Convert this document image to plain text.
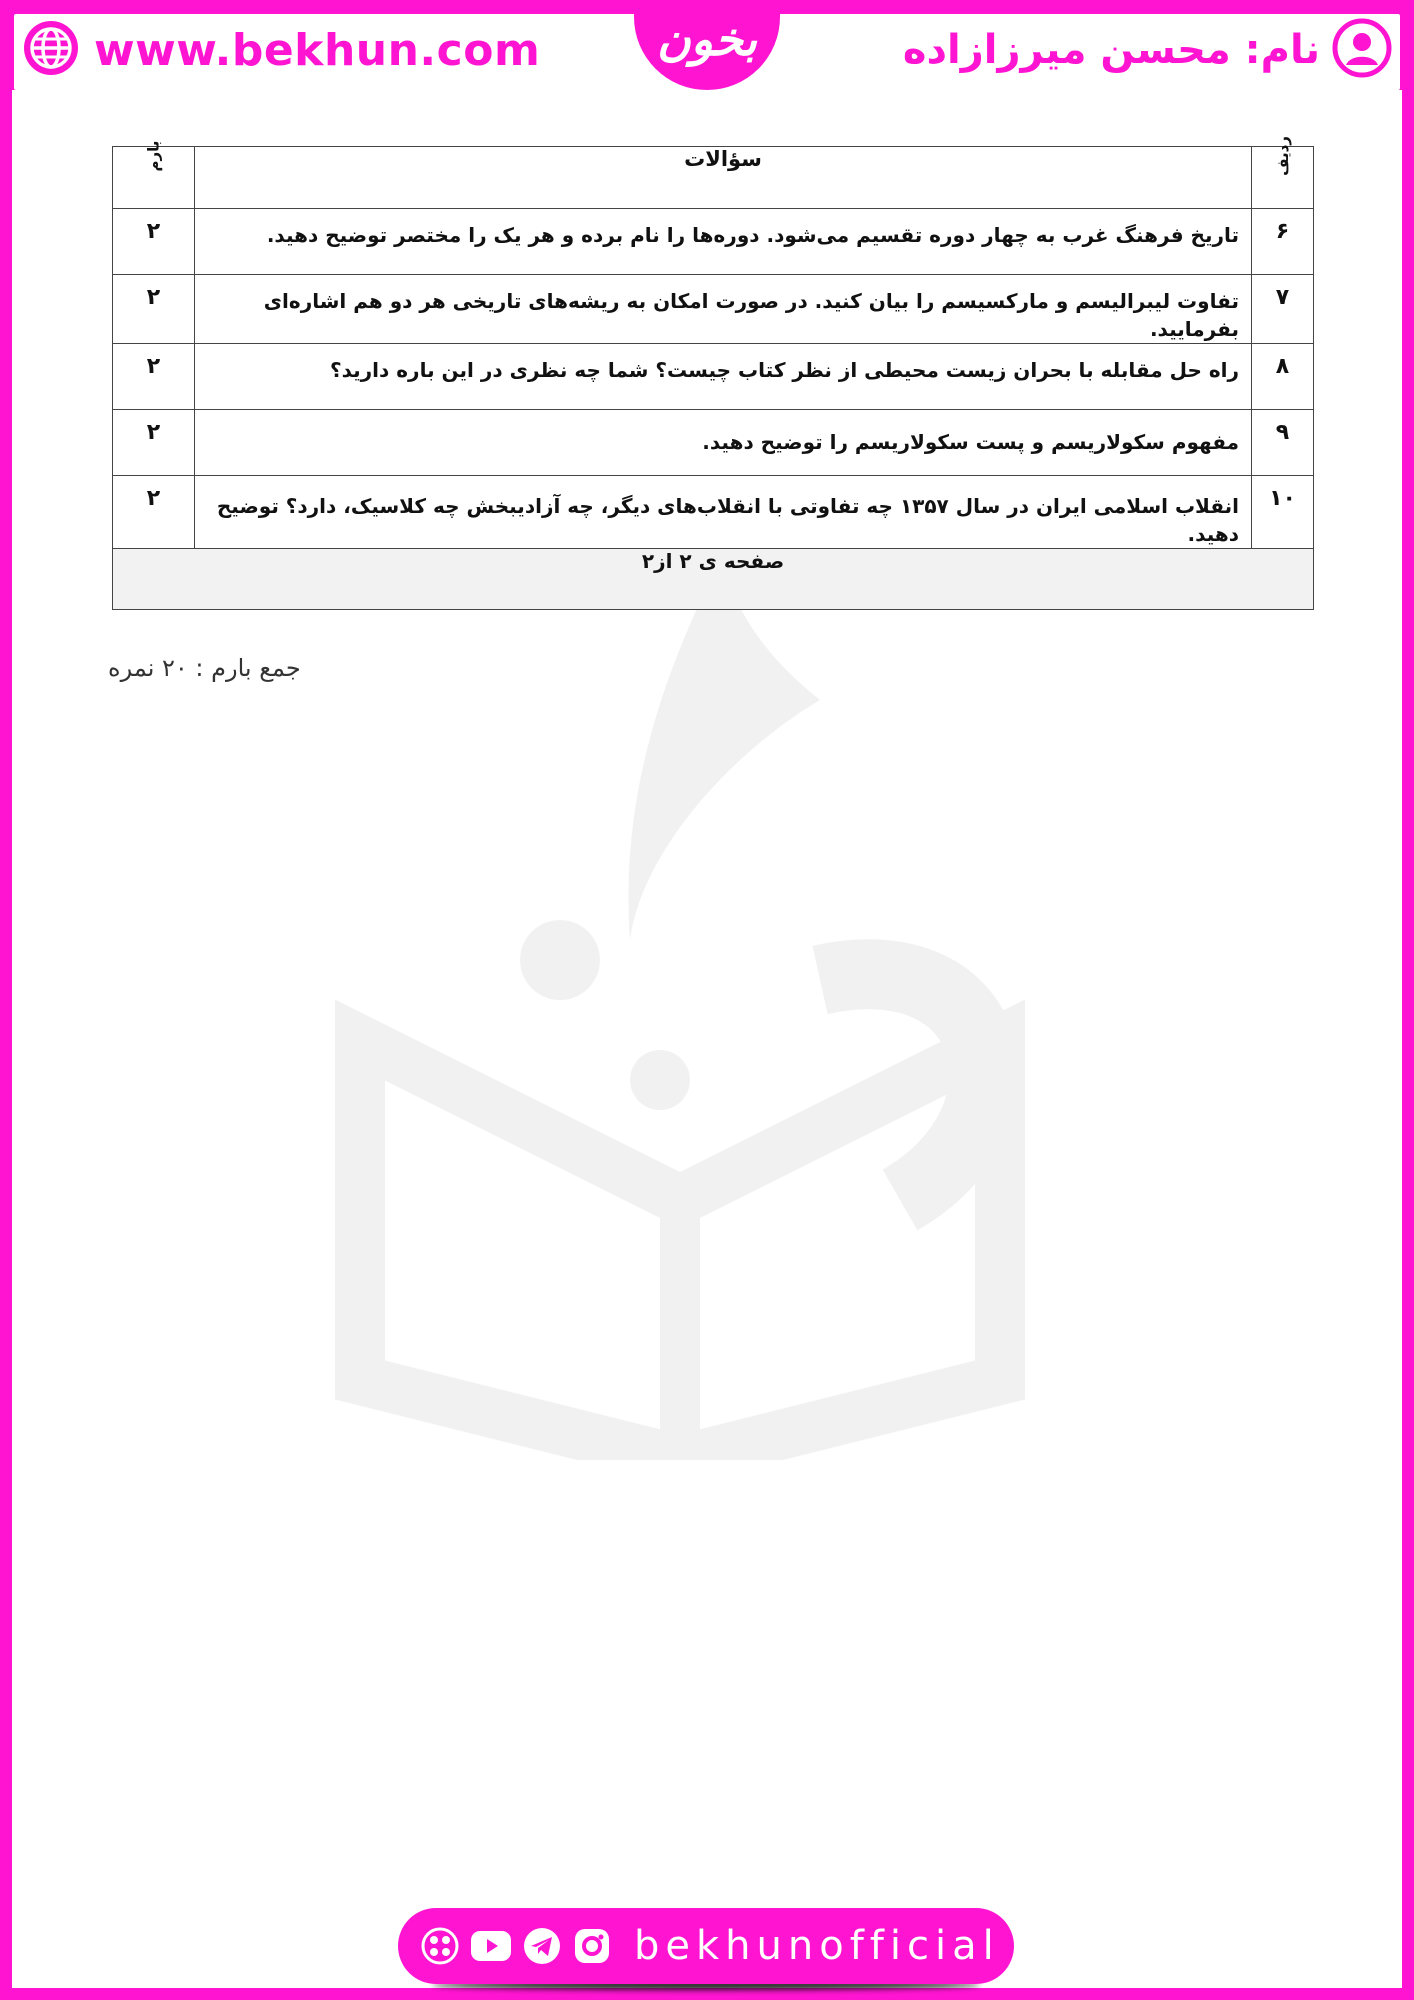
www.bekhun.com	بخون	نام: محسن میرزازاده
ردیف	سؤالات	بارم
۶	تاریخ فرهنگ غرب به چهار دوره تقسیم می‌شود. دوره‌ها را نام برده و هر یک را مختصر توضیح دهید.	۲
۷	تفاوت لیبرالیسم و مارکسیسم را بیان کنید. در صورت امکان به ریشه‌های تاریخی هر دو هم اشاره‌ای بفرمایید.	۲
۸	راه حل مقابله با بحران زیست محیطی از نظر کتاب چیست؟ شما چه نظری در این باره دارید؟	۲
۹	مفهوم سکولاریسم و پست سکولاریسم را توضیح دهید.	۲
۱۰	انقلاب اسلامی ایران در سال ۱۳۵۷ چه تفاوتی با انقلاب‌های دیگر، چه آزادیبخش چه کلاسیک، دارد؟ توضیح دهید.	۲
صفحه ی ۲ از۲		
جمع بارم : ۲۰ نمره
bekhunofficial
